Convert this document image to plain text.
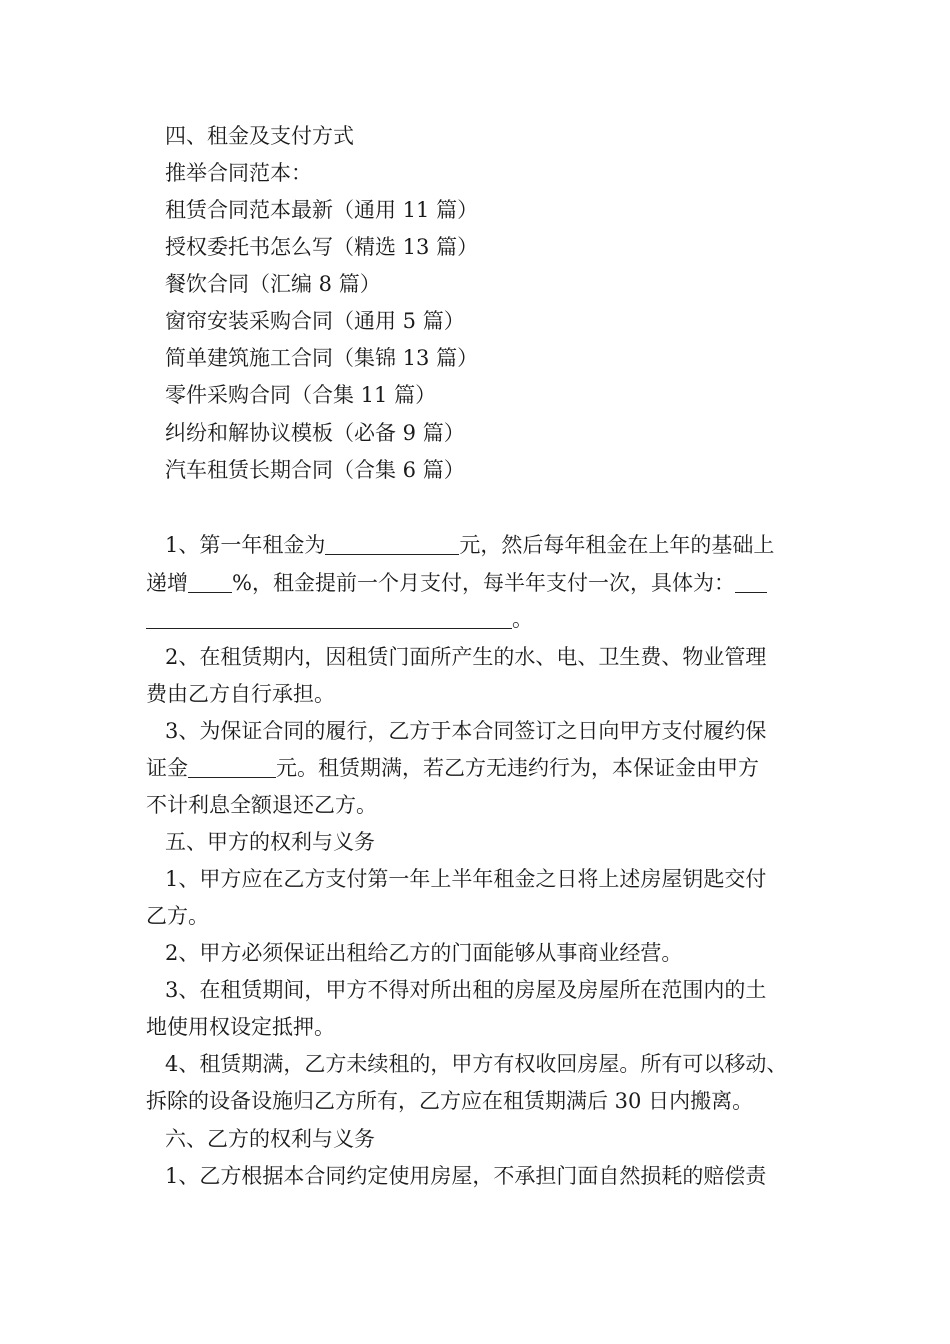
四、租金及支付方式
推举合同范本：
租赁合同范本最新（通用 11 篇）
授权委托书怎么写（精选 13 篇）
餐饮合同（汇编 8 篇）
窗帘安装采购合同（通用 5 篇）
简单建筑施工合同（集锦 13 篇）
零件采购合同（合集 11 篇）
纠纷和解协议模板（必备 9 篇）
汽车租赁长期合同（合集 6 篇）
1、第一年租金为	元，然后每年租金在上年的基础上
递增 %，租金提前一个月支付，每半年支付一次，具体为：
。
2、在租赁期内，因租赁门面所产生的水、电、卫生费、物业管理
费由乙方自行承担。
3、为保证合同的履行，乙方于本合同签订之日向甲方支付履约保
证金	元。租赁期满，若乙方无违约行为，本保证金由甲方
不计利息全额退还乙方。
五、甲方的权利与义务
1、甲方应在乙方支付第一年上半年租金之日将上述房屋钥匙交付
乙方。
2、甲方必须保证出租给乙方的门面能够从事商业经营。
3、在租赁期间，甲方不得对所出租的房屋及房屋所在范围内的土
地使用权设定抵押。
4、租赁期满，乙方未续租的，甲方有权收回房屋。所有可以移动、
拆除的设备设施归乙方所有，乙方应在租赁期满后 30 日内搬离。
六、乙方的权利与义务
1、乙方根据本合同约定使用房屋，不承担门面自然损耗的赔偿责
